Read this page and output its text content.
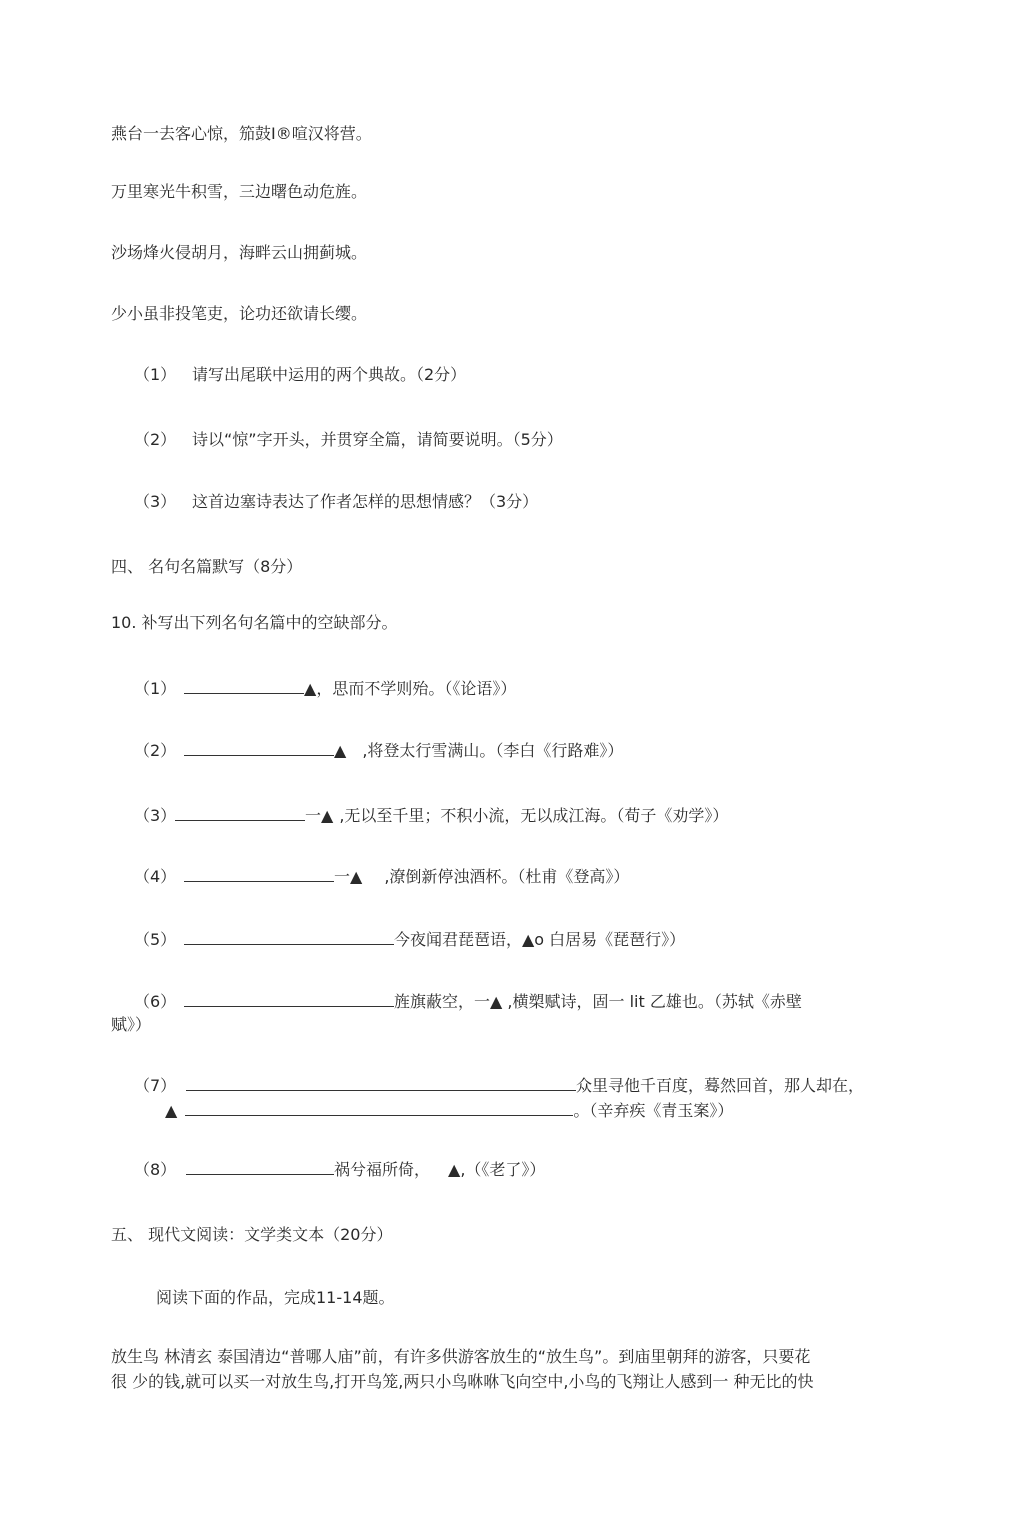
燕台一去客心惊，笳鼓Ⅰ®喧汉将营。
万里寒光牛积雪，三边曙色动危旌。
沙场烽火侵胡月，海畔云山拥蓟城。
少小虽非投笔吏，论功还欲请长缨。
（1） 请写出尾联中运用的两个典故。（2分）
（2） 诗以“惊”字开头，并贯穿全篇，请简要说明。（5分）
（3） 这首边塞诗表达了作者怎样的思想情感？（3分）
四、 名句名篇默写（8分）
10. 补写出下列名句名篇中的空缺部分。
（1）	▲，思而不学则殆。（《论语》）
（2）	▲ ,将登太行雪满山。（李白《行路难》）
（3）	一▲ ,无以至千里；不积小流，无以成江海。（荀子《劝学》）
（4）	一▲ ,潦倒新停浊酒杯。（杜甫《登高》）
（5）	今夜闻君琵琶语，▲o 白居易《琵琶行》）
（6）	旌旗蔽空，一▲ ,横槊赋诗，固一 lit 乙雄也。（苏轼《赤壁
赋》）
（7）	众里寻他千百度，蓦然回首，那人却在，
▲	。（辛弃疾《青玉案》）
（8）	祸兮福所倚， ▲,（《老了》）
五、 现代文阅读：文学类文本（20分）
阅读下面的作品，完成11-14题。
放生鸟 林清玄 泰国清边“普哪人庙”前，有许多供游客放生的“放生鸟”。到庙里朝拜的游客，只要花
很 少的钱,就可以买一对放生鸟,打开鸟笼,两只小鸟咻咻飞向空中,小鸟的飞翔让人感到一 种无比的快
